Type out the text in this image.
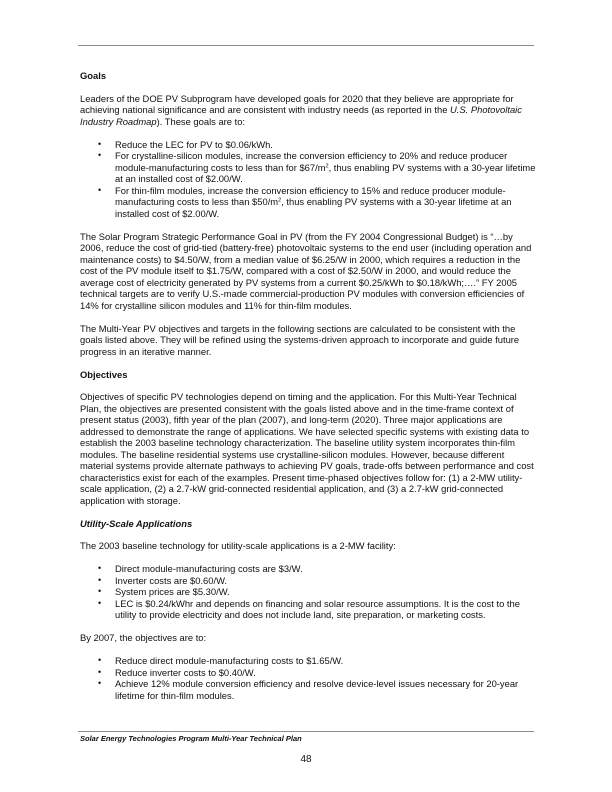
Goals

Leaders of the DOE PV Subprogram have developed goals for 2020 that they believe are appropriate for achieving national significance and are consistent with industry needs (as reported in the U.S. Photovoltaic Industry Roadmap). These goals are to:

• Reduce the LEC for PV to $0.06/kWh.
• For crystalline-silicon modules, increase the conversion efficiency to 20% and reduce producer module-manufacturing costs to less than for $\$67/m^2$, thus enabling PV systems with a 30-year lifetime at an installed cost of $2.00/W.
• For thin-film modules, increase the conversion efficiency to 15% and reduce producer module-manufacturing costs to less than $\$50/m^2$, thus enabling PV systems with a 30-year lifetime at an installed cost of $2.00/W.

The Solar Program Strategic Performance Goal in PV (from the FY 2004 Congressional Budget) is “…by 2006, reduce the cost of grid-tied (battery-free) photovoltaic systems to the end user (including operation and maintenance costs) to $4.50/W, from a median value of $6.25/W in 2000, which requires a reduction in the cost of the PV module itself to $1.75/W, compared with a cost of $2.50/W in 2000, and would reduce the average cost of electricity generated by PV systems from a current $0.25/kWh to $0.18/kWh;….” FY 2005 technical targets are to verify U.S.-made commercial-production PV modules with conversion efficiencies of 14% for crystalline silicon modules and 11% for thin-film modules.

The Multi-Year PV objectives and targets in the following sections are calculated to be consistent with the goals listed above. They will be refined using the systems-driven approach to incorporate and guide future progress in an iterative manner.

Objectives

Objectives of specific PV technologies depend on timing and the application. For this Multi-Year Technical Plan, the objectives are presented consistent with the goals listed above and in the time-frame context of present status (2003), fifth year of the plan (2007), and long-term (2020). Three major applications are addressed to demonstrate the range of applications. We have selected specific systems with existing data to establish the 2003 baseline technology characterization. The baseline utility system incorporates thin-film modules. The baseline residential systems use crystalline-silicon modules. However, because different material systems provide alternate pathways to achieving PV goals, trade-offs between performance and cost characteristics exist for each of the examples. Present time-phased objectives follow for: (1) a 2-MW utility-scale application, (2) a 2.7-kW grid-connected residential application, and (3) a 2.7-kW grid-connected application with storage.

Utility-Scale Applications

The 2003 baseline technology for utility-scale applications is a 2-MW facility:

• Direct module-manufacturing costs are $3/W.
• Inverter costs are $0.60/W.
• System prices are $5.30/W.
• LEC is $0.24/kWhr and depends on financing and solar resource assumptions. It is the cost to the utility to provide electricity and does not include land, site preparation, or marketing costs.

By 2007, the objectives are to:

• Reduce direct module-manufacturing costs to $1.65/W.
• Reduce inverter costs to $0.40/W.
• Achieve 12% module conversion efficiency and resolve device-level issues necessary for 20-year lifetime for thin-film modules.
Solar Energy Technologies Program Multi-Year Technical Plan
48
